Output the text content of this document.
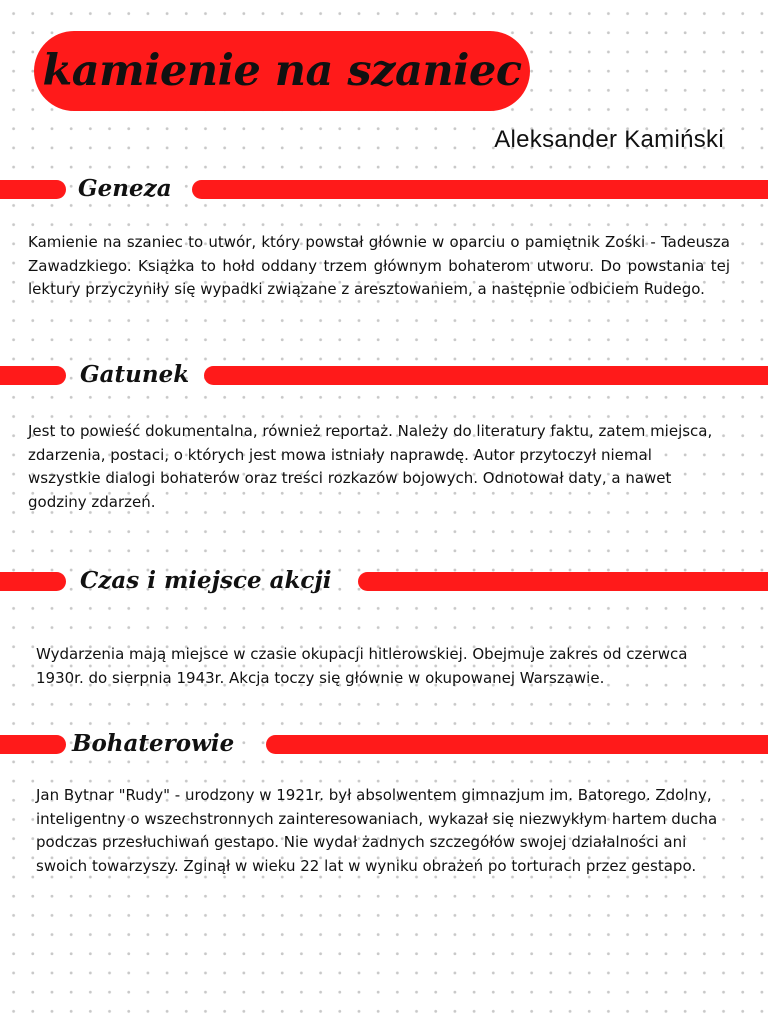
kamienie na szaniec
Aleksander Kamiński
Geneza

Kamienie na szaniec to utwór, który powstał głównie w oparciu o pamiętnik Zośki - Tadeusza Zawadzkiego. Książka to hołd oddany trzem głównym bohaterom utworu. Do powstania tej lektury przyczyniły się wypadki związane z aresztowaniem, a następnie odbiciem Rudego.

Gatunek

Jest to powieść dokumentalna, również reportaż. Należy do literatury faktu, zatem miejsca, zdarzenia, postaci, o których jest mowa istniały naprawdę. Autor przytoczył niemal wszystkie dialogi bohaterów oraz treści rozkazów bojowych. Odnotował daty, a nawet godziny zdarzeń.

Czas i miejsce akcji

Wydarzenia mają miejsce w czasie okupacji hitlerowskiej. Obejmuje zakres od czerwca 1930r. do sierpnia 1943r. Akcja toczy się głównie w okupowanej Warszawie.

Bohaterowie

Jan Bytnar "Rudy" - urodzony w 1921r. był absolwentem gimnazjum im. Batorego. Zdolny, inteligentny o wszechstronnych zainteresowaniach, wykazał się niezwykłym hartem ducha podczas przesłuchiwań gestapo. Nie wydał żadnych szczegółów swojej działalności ani swoich towarzyszy. Zginął w wieku 22 lat w wyniku obrażeń po torturach przez gestapo.
